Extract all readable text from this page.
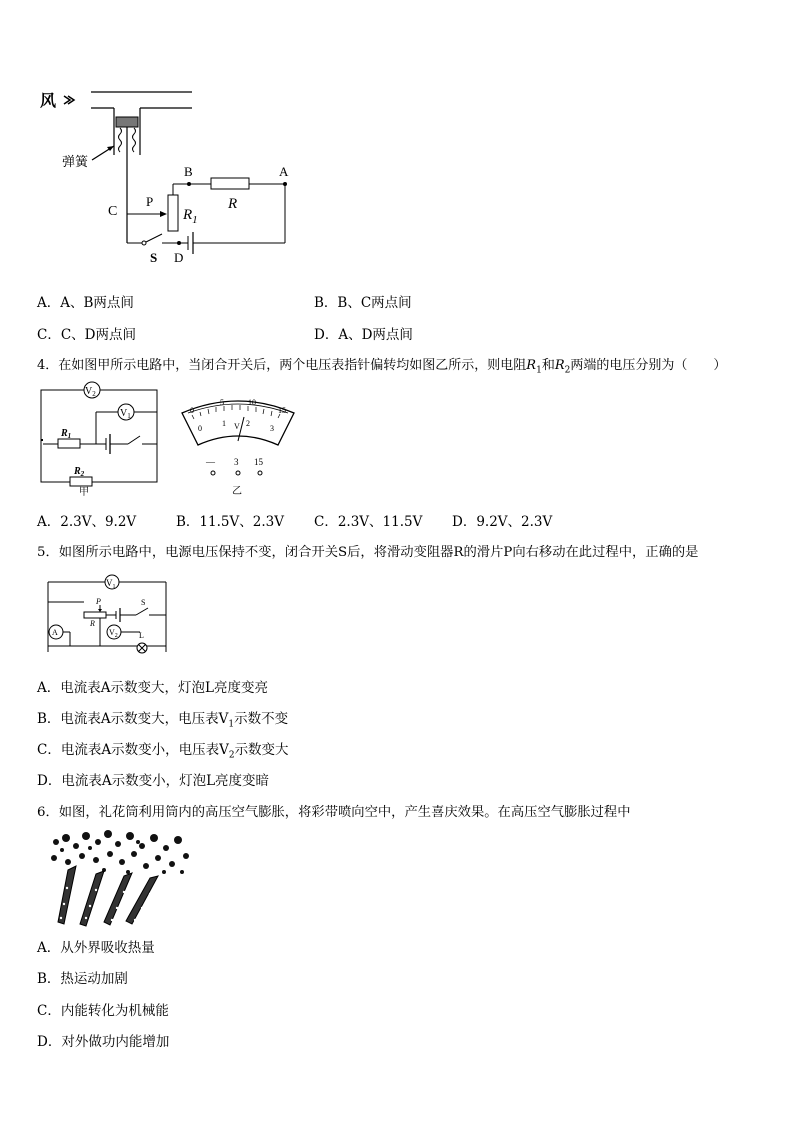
风
弹簧
C
P
$R_1$
B
R
A
S D
A．A、B两点间	B．B、C两点间
C．C、D两点间	D．A、D两点间
4．在如图甲所示电路中，当闭合开关后，两个电压表指针偏转均如图乙所示，则电阻$R_1$和$R_2$两端的电压分别为（　　）
$V_2$
$V_1$
$R_1$
$R_2$
甲
0
5	10
15
0
1 V 2
3
— 3 15
乙
A．2.3V、9.2V	B．11.5V、2.3V C．2.3V、11.5V D．9.2V、2.3V
5．如图所示电路中，电源电压保持不变，闭合开关S后，将滑动变阻器R的滑片P向右移动在此过程中，正确的是
$V_1$
P
R
S
A	$V_2$	L
A．电流表A示数变大，灯泡L亮度变亮
B．电流表A示数变大，电压表$V_1$示数不变
C．电流表A示数变小，电压表$V_2$示数变大
D．电流表A示数变小，灯泡L亮度变暗
6．如图，礼花筒利用筒内的高压空气膨胀，将彩带喷向空中，产生喜庆效果。在高压空气膨胀过程中
A．从外界吸收热量
B．热运动加剧
C．内能转化为机械能
D．对外做功内能增加
